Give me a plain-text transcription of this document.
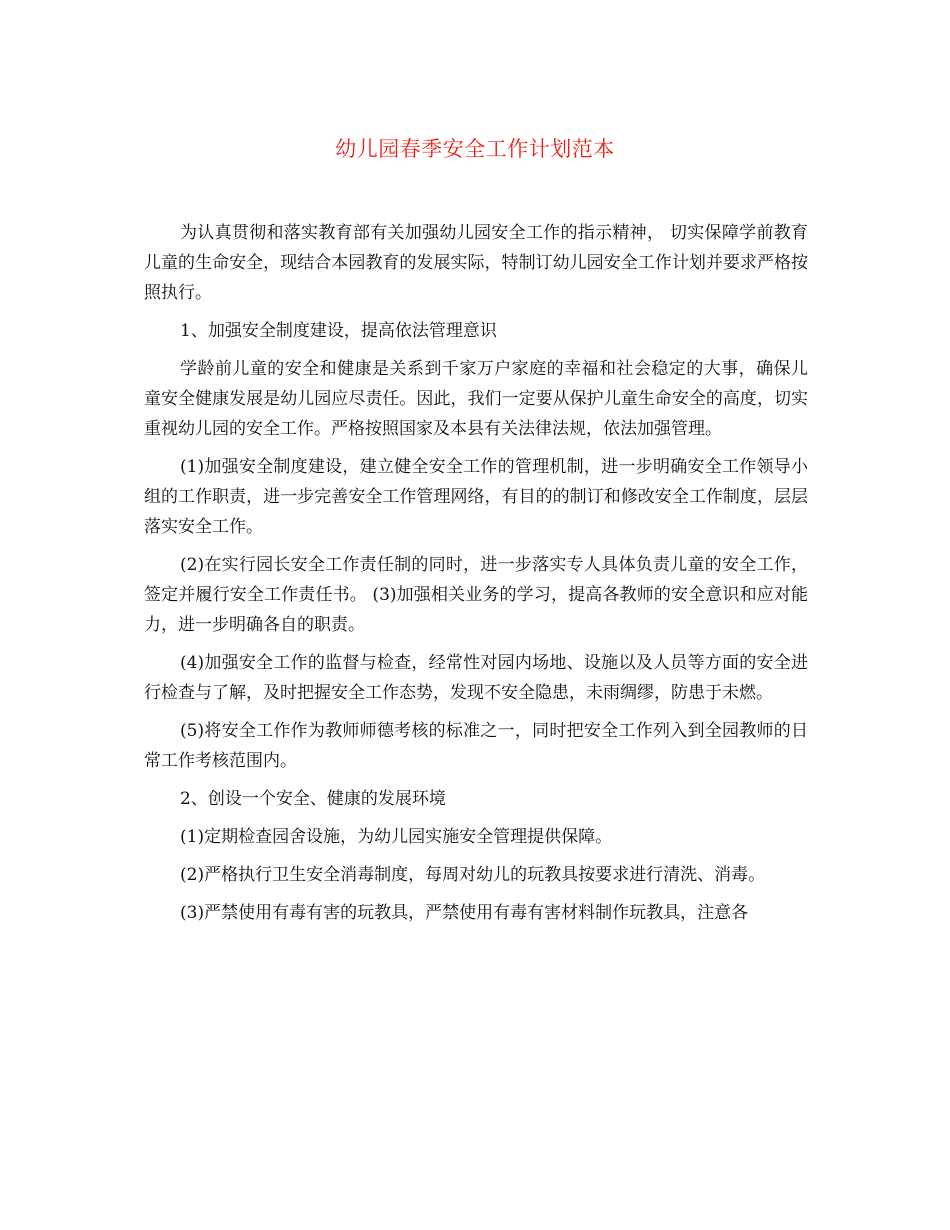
幼儿园春季安全工作计划范本

为认真贯彻和落实教育部有关加强幼儿园安全工作的指示精神， 切实保障学前教育儿童的生命安全，现结合本园教育的发展实际，特制订幼儿园安全工作计划并要求严格按照执行。

1、加强安全制度建设，提高依法管理意识

学龄前儿童的安全和健康是关系到千家万户家庭的幸福和社会稳定的大事，确保儿童安全健康发展是幼儿园应尽责任。因此，我们一定要从保护儿童生命安全的高度，切实重视幼儿园的安全工作。严格按照国家及本县有关法律法规，依法加强管理。

(1)加强安全制度建设，建立健全安全工作的管理机制，进一步明确安全工作领导小组的工作职责，进一步完善安全工作管理网络，有目的的制订和修改安全工作制度，层层落实安全工作。

(2)在实行园长安全工作责任制的同时，进一步落实专人具体负责儿童的安全工作，签定并履行安全工作责任书。 (3)加强相关业务的学习，提高各教师的安全意识和应对能力，进一步明确各自的职责。

(4)加强安全工作的监督与检查，经常性对园内场地、设施以及人员等方面的安全进行检查与了解，及时把握安全工作态势，发现不安全隐患，未雨绸缪，防患于未燃。

(5)将安全工作作为教师师德考核的标准之一，同时把安全工作列入到全园教师的日常工作考核范围内。

2、创设一个安全、健康的发展环境

(1)定期检查园舍设施，为幼儿园实施安全管理提供保障。

(2)严格执行卫生安全消毒制度，每周对幼儿的玩教具按要求进行清洗、消毒。

(3)严禁使用有毒有害的玩教具，严禁使用有毒有害材料制作玩教具，注意各
